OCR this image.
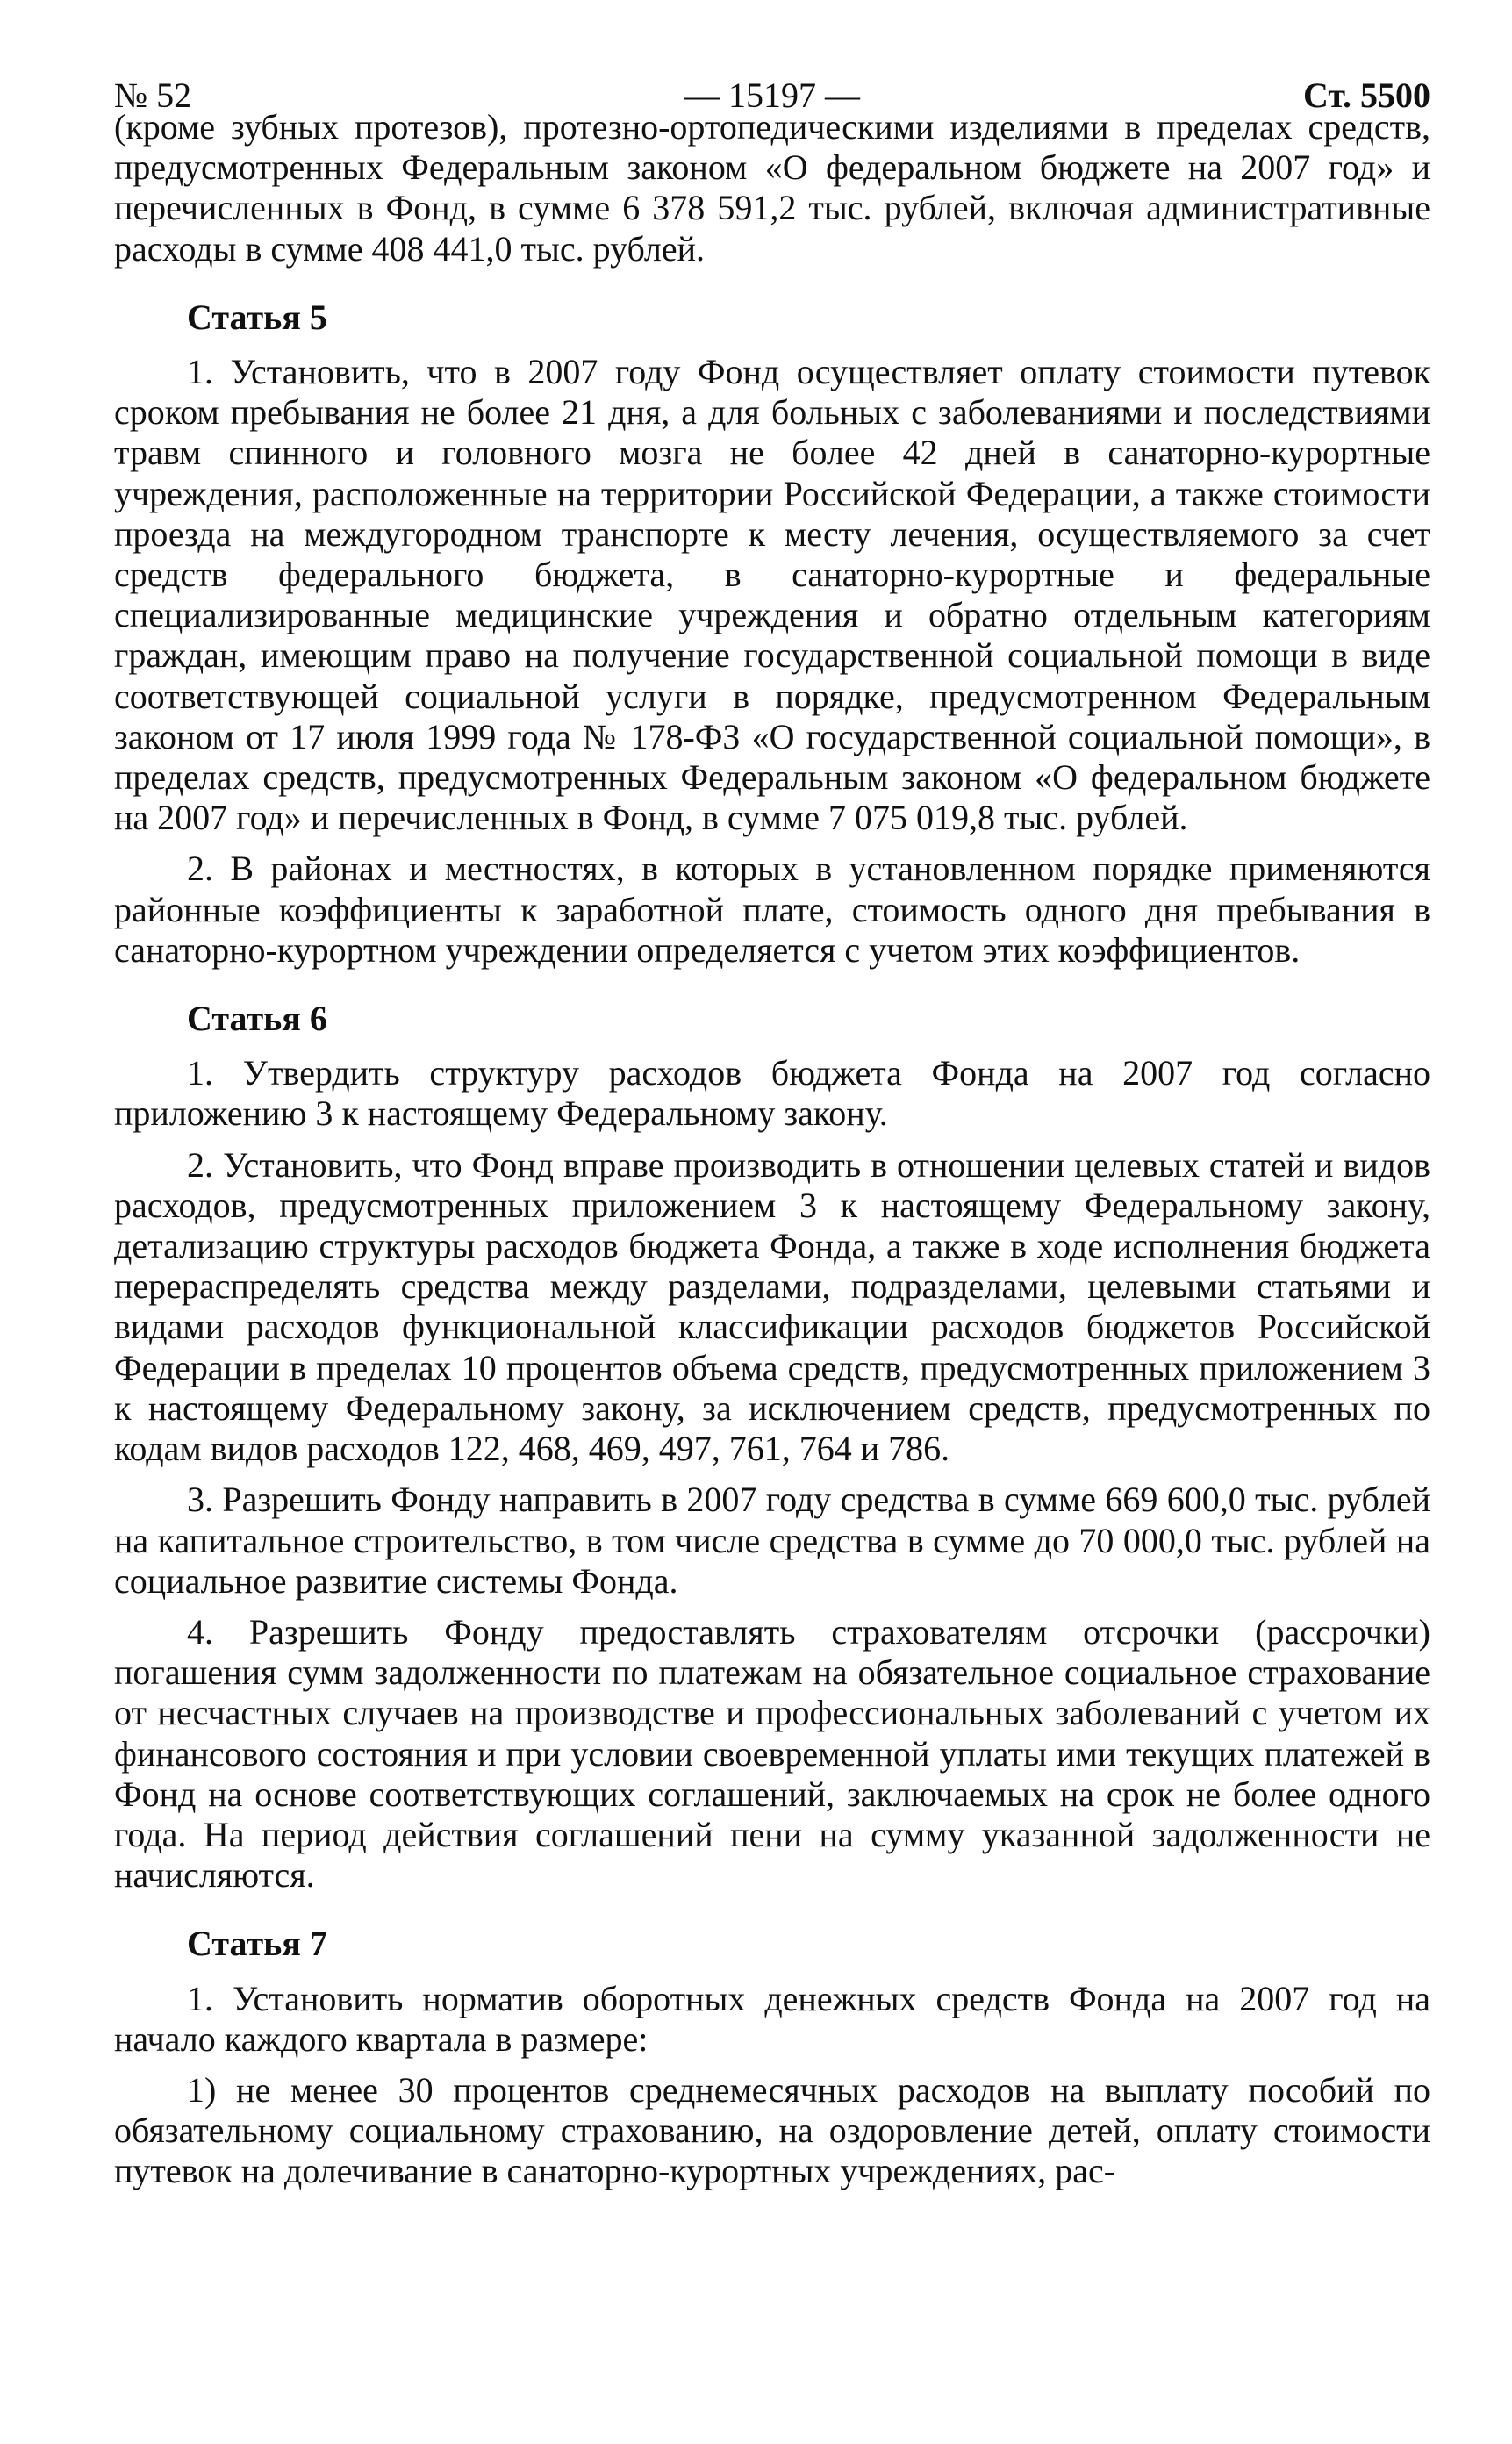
№ 52	— 15197 —	Ст. 5500

(кроме зубных протезов), протезно-ортопедическими изделиями в пределах средств, предусмотренных Федеральным законом «О федеральном бюджете на 2007 год» и перечисленных в Фонд, в сумме 6 378 591,2 тыс. рублей, включая административные расходы в сумме 408 441,0 тыс. рублей.

Статья 5

1. Установить, что в 2007 году Фонд осуществляет оплату стоимости путевок сроком пребывания не более 21 дня, а для больных с заболеваниями и последствиями травм спинного и головного мозга не более 42 дней в санаторно-курортные учреждения, расположенные на территории Российской Федерации, а также стоимости проезда на междугородном транспорте к месту лечения, осуществляемого за счет средств федерального бюджета, в санаторно-курортные и федеральные специализированные медицинские учреждения и обратно отдельным категориям граждан, имеющим право на получение государственной социальной помощи в виде соответствующей социальной услуги в порядке, предусмотренном Федеральным законом от 17 июля 1999 года № 178-ФЗ «О государственной социальной помощи», в пределах средств, предусмотренных Федеральным законом «О федеральном бюджете на 2007 год» и перечисленных в Фонд, в сумме 7 075 019,8 тыс. рублей.

2. В районах и местностях, в которых в установленном порядке применяются районные коэффициенты к заработной плате, стоимость одного дня пребывания в санаторно-курортном учреждении определяется с учетом этих коэффициентов.

Статья 6

1. Утвердить структуру расходов бюджета Фонда на 2007 год согласно приложению 3 к настоящему Федеральному закону.

2. Установить, что Фонд вправе производить в отношении целевых статей и видов расходов, предусмотренных приложением 3 к настоящему Федеральному закону, детализацию структуры расходов бюджета Фонда, а также в ходе исполнения бюджета перераспределять средства между разделами, подразделами, целевыми статьями и видами расходов функциональной классификации расходов бюджетов Российской Федерации в пределах 10 процентов объема средств, предусмотренных приложением 3 к настоящему Федеральному закону, за исключением средств, предусмотренных по кодам видов расходов 122, 468, 469, 497, 761, 764 и 786.

3. Разрешить Фонду направить в 2007 году средства в сумме 669 600,0 тыс. рублей на капитальное строительство, в том числе средства в сумме до 70 000,0 тыс. рублей на социальное развитие системы Фонда.

4. Разрешить Фонду предоставлять страхователям отсрочки (рассрочки) погашения сумм задолженности по платежам на обязательное социальное страхование от несчастных случаев на производстве и профессиональных заболеваний с учетом их финансового состояния и при условии своевременной уплаты ими текущих платежей в Фонд на основе соответствующих соглашений, заключаемых на срок не более одного года. На период действия соглашений пени на сумму указанной задолженности не начисляются.

Статья 7

1. Установить норматив оборотных денежных средств Фонда на 2007 год на начало каждого квартала в размере:

1) не менее 30 процентов среднемесячных расходов на выплату пособий по обязательному социальному страхованию, на оздоровление детей, оплату стоимости путевок на долечивание в санаторно-курортных учреждениях, рас-
